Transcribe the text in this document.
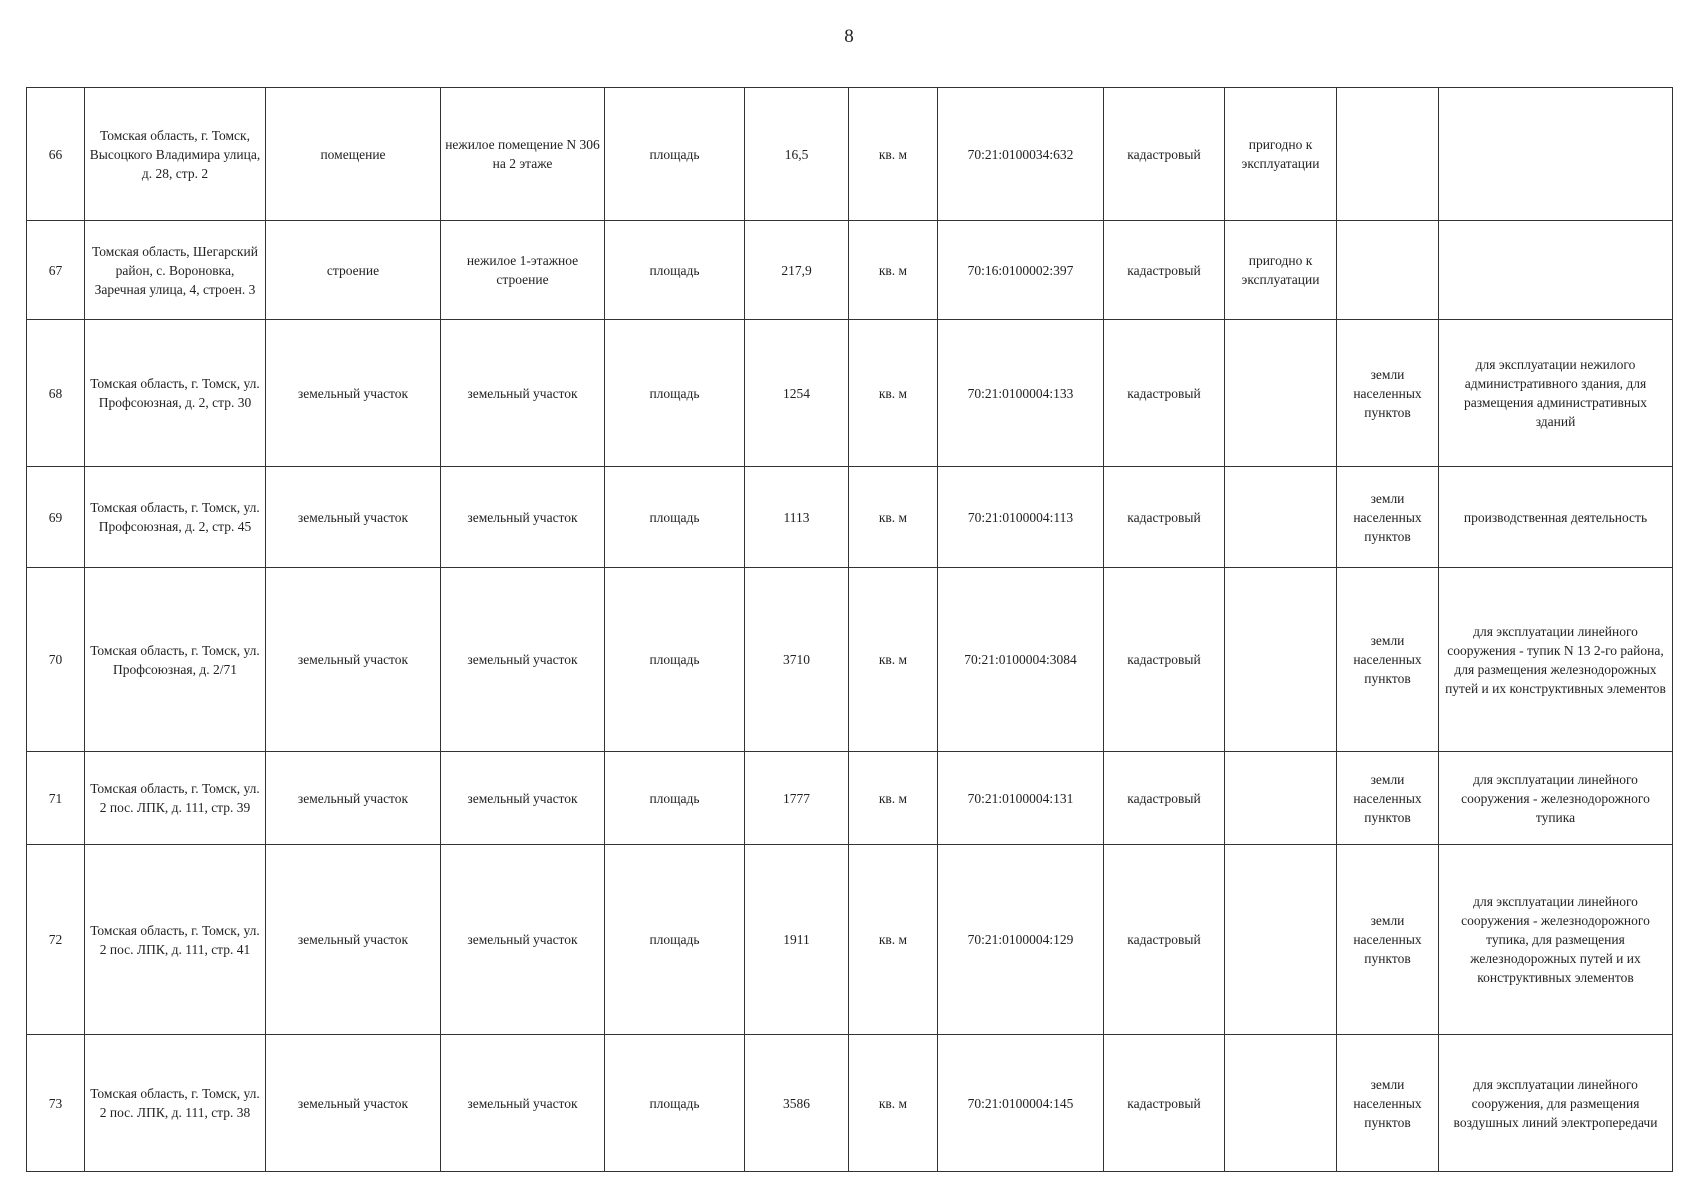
8
66	Томская область, г. Томск, Высоцкого Владимира улица, д. 28, стр. 2	помещение	нежилое помещение N 306 на 2 этаже	площадь	16,5	кв. м	70:21:0100034:632	кадастровый	пригодно к эксплуатации		
67	Томская область, Шегарский район, с. Вороновка, Заречная улица, 4, строен. 3	строение	нежилое 1-этажное строение	площадь	217,9	кв. м	70:16:0100002:397	кадастровый	пригодно к эксплуатации		
68	Томская область, г. Томск, ул. Профсоюзная, д. 2, стр. 30	земельный участок	земельный участок	площадь	1254	кв. м	70:21:0100004:133	кадастровый		земли населенных пунктов	для эксплуатации нежилого административного здания, для размещения административных зданий
69	Томская область, г. Томск, ул. Профсоюзная, д. 2, стр. 45	земельный участок	земельный участок	площадь	1113	кв. м	70:21:0100004:113	кадастровый		земли населенных пунктов	производственная деятельность
70	Томская область, г. Томск, ул. Профсоюзная, д. 2/71	земельный участок	земельный участок	площадь	3710	кв. м	70:21:0100004:3084	кадастровый		земли населенных пунктов	для эксплуатации линейного сооружения - тупик N 13 2-го района, для размещения железнодорожных путей и их конструктивных элементов
71	Томская область, г. Томск, ул. 2 пос. ЛПК, д. 111, стр. 39	земельный участок	земельный участок	площадь	1777	кв. м	70:21:0100004:131	кадастровый		земли населенных пунктов	для эксплуатации линейного сооружения - железнодорожного тупика
72	Томская область, г. Томск, ул. 2 пос. ЛПК, д. 111, стр. 41	земельный участок	земельный участок	площадь	1911	кв. м	70:21:0100004:129	кадастровый		земли населенных пунктов	для эксплуатации линейного сооружения - железнодорожного тупика, для размещения железнодорожных путей и их конструктивных элементов
73	Томская область, г. Томск, ул. 2 пос. ЛПК, д. 111, стр. 38	земельный участок	земельный участок	площадь	3586	кв. м	70:21:0100004:145	кадастровый		земли населенных пунктов	для эксплуатации линейного сооружения, для размещения воздушных линий электропередачи
